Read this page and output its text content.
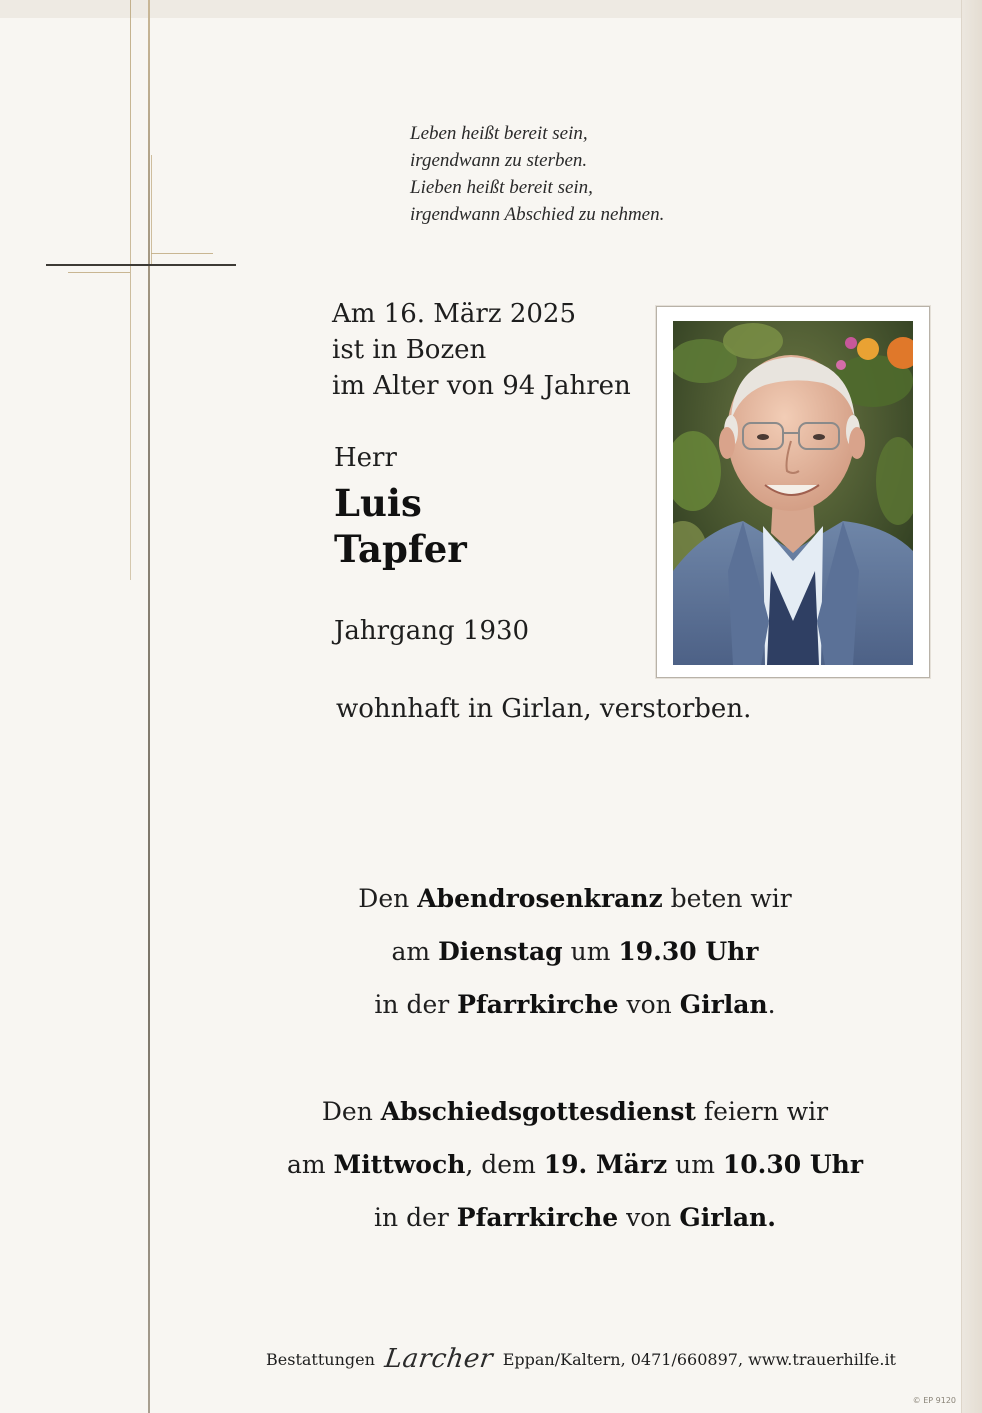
Leben heißt bereit sein,
irgendwann zu sterben.
Lieben heißt bereit sein,
irgendwann Abschied zu nehmen.
Am 16. März 2025
ist in Bozen
im Alter von 94 Jahren
Herr
Luis
Tapfer
Jahrgang 1930
wohnhaft in Girlan, verstorben.
Den Abendrosenkranz beten wir
am Dienstag um 19.30 Uhr
in der Pfarrkirche von Girlan.
Den Abschiedsgottesdienst feiern wir
am Mittwoch, dem 19. März um 10.30 Uhr
in der Pfarrkirche von Girlan.
Bestattungen Larcher Eppan/Kaltern, 0471/660897, www.trauerhilfe.it
© EP 9120
